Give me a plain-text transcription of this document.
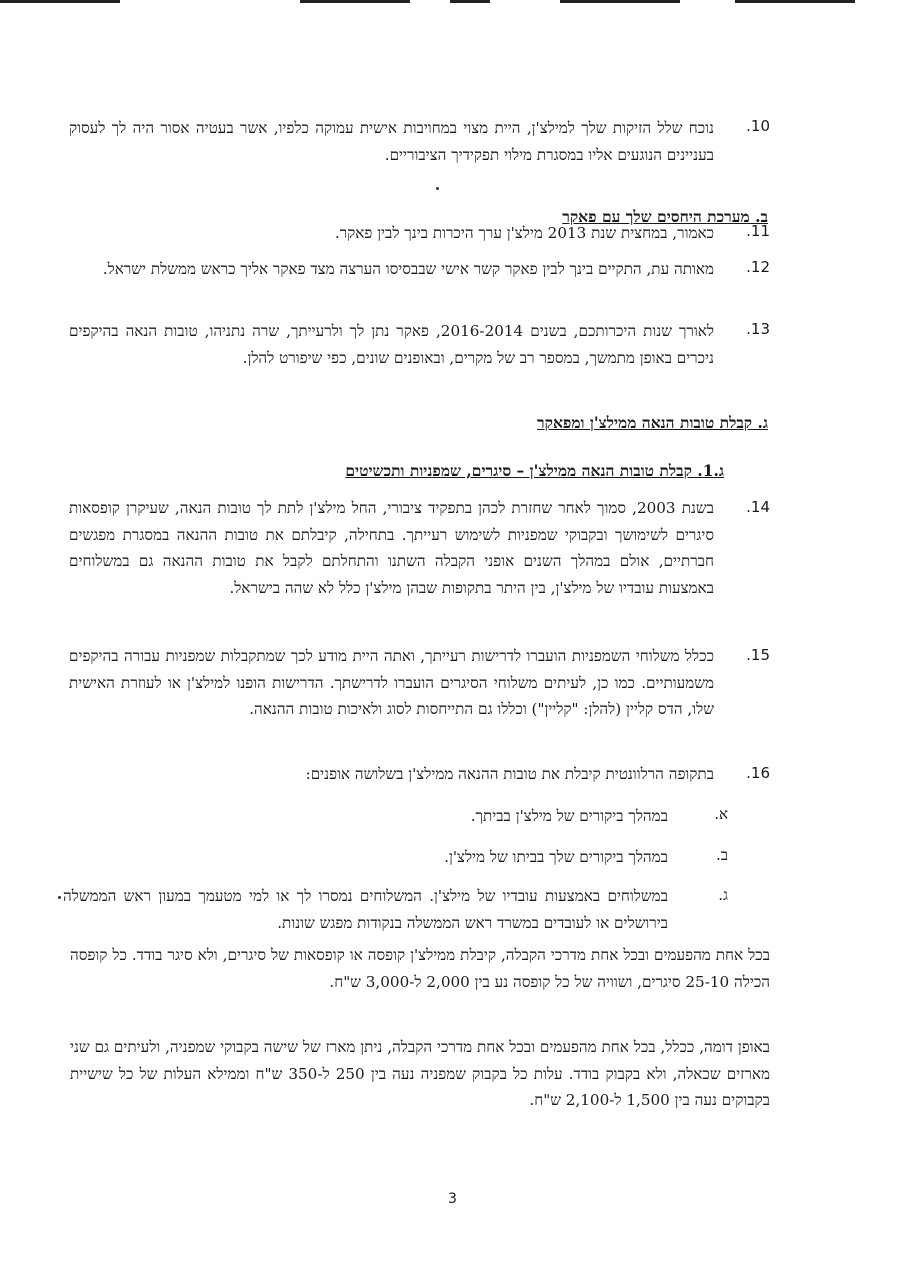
10.
נוכח שלל הזיקות שלך למילצ'ן, היית מצוי במחויבות אישית עמוקה כלפיו, אשר בעטיה אסור היה לך לעסוק בעניינים הנוגעים אליו במסגרת מילוי תפקידיך הציבוריים.
ב. מערכת היחסים שלך עם פאקר
11.
כאמור, במחצית שנת 2013 מילצ'ן ערך היכרות בינך לבין פאקר.
12.
מאותה עת, התקיים בינך לבין פאקר קשר אישי שבבסיסו הערצה מצד פאקר אליך כראש ממשלת ישראל.
13.
לאורך שנות היכרותכם, בשנים 2016-2014, פאקר נתן לך ולרעייתך, שרה נתניהו, טובות הנאה בהיקפים ניכרים באופן מתמשך, במספר רב של מקרים, ובאופנים שונים, כפי שיפורט להלן.
ג. קבלת טובות הנאה ממילצ'ן ומפאקר
ג.1. קבלת טובות הנאה ממילצ'ן – סיגרים, שמפניות ותכשיטים
14.
בשנת 2003, סמוך לאחר שחזרת לכהן בתפקיד ציבורי, החל מילצ'ן לתת לך טובות הנאה, שעיקרן קופסאות סיגרים לשימושך ובקבוקי שמפניות לשימוש רעייתך. בתחילה, קיבלתם את טובות ההנאה במסגרת מפגשים חברתיים, אולם במהלך השנים אופני הקבלה השתנו והתחלתם לקבל את טובות ההנאה גם במשלוחים באמצעות עובדיו של מילצ'ן, בין היתר בתקופות שבהן מילצ'ן כלל לא שהה בישראל.
15.
ככלל משלוחי השמפניות הועברו לדרישות רעייתך, ואתה היית מודע לכך שמתקבלות שמפניות עבורה בהיקפים משמעותיים. כמו כן, לעיתים משלוחי הסיגרים הועברו לדרישתך. הדרישות הופנו למילצ'ן או לעוזרת האישית שלו, הדס קליין (להלן: "קליין") וכללו גם התייחסות לסוג ולאיכות טובות ההנאה.
16.
בתקופה הרלוונטית קיבלת את טובות ההנאה ממילצ'ן בשלושה אופנים:
א.
במהלך ביקורים של מילצ'ן בביתך.
ב.
במהלך ביקורים שלך בביתו של מילצ'ן.
ג.
במשלוחים באמצעות עובדיו של מילצ'ן. המשלוחים נמסרו לך או למי מטעמך במעון ראש הממשלה בירושלים או לעובדים במשרד ראש הממשלה בנקודות מפגש שונות.
בכל אחת מהפעמים ובכל אחת מדרכי הקבלה, קיבלת ממילצ'ן קופסה או קופסאות של סיגרים, ולא סיגר בודד. כל קופסה הכילה 25-10 סיגרים, ושוויה של כל קופסה נע בין 2,000 ל-3,000 ש"ח.
באופן דומה, ככלל, בכל אחת מהפעמים ובכל אחת מדרכי הקבלה, ניתן מארז של שישה בקבוקי שמפניה, ולעיתים גם שני מארזים שכאלה, ולא בקבוק בודד. עלות כל בקבוק שמפניה נעה בין 250 ל-350 ש"ח וממילא העלות של כל שישיית בקבוקים נעה בין 1,500 ל-2,100 ש"ח.
3
